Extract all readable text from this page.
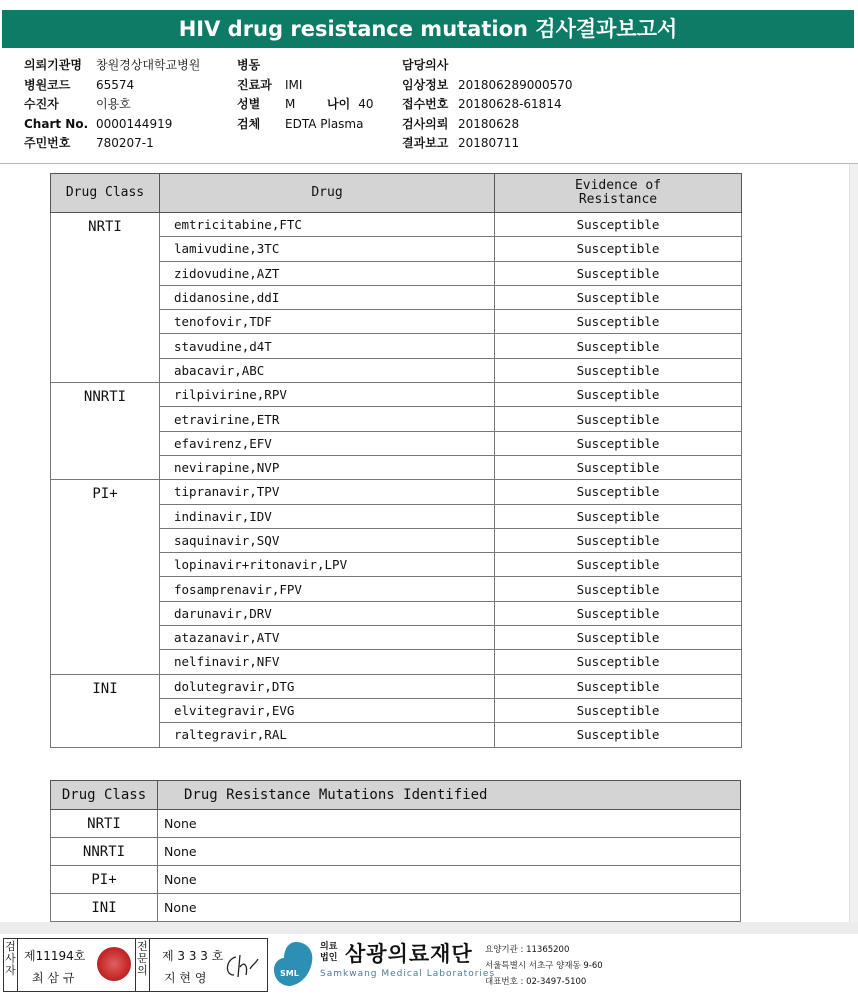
HIV drug resistance mutation 검사결과보고서
의뢰기관명 창원경상대학교병원
병원코드 65574
수진자	이용호
Chart No. 0000144919
주민번호 780207-1
병동
진료과 IMI
성별 M
검체 EDTA Plasma
담당의사
임상정보 201806289000570
접수번호 20180628-61814
검사의뢰 20180628
결과보고 20180711
나이 40
Drug Class	Drug	Evidence of
Resistance
NRTI	emtricitabine,FTC	Susceptible
	lamivudine,3TC	Susceptible
	zidovudine,AZT	Susceptible
	didanosine,ddI	Susceptible
	tenofovir,TDF	Susceptible
	stavudine,d4T	Susceptible
	abacavir,ABC	Susceptible
NNRTI	rilpivirine,RPV	Susceptible
	etravirine,ETR	Susceptible
	efavirenz,EFV	Susceptible
	nevirapine,NVP	Susceptible
PI+	tipranavir,TPV	Susceptible
	indinavir,IDV	Susceptible
	saquinavir,SQV	Susceptible
	lopinavir+ritonavir,LPV	Susceptible
	fosamprenavir,FPV	Susceptible
	darunavir,DRV	Susceptible
	atazanavir,ATV	Susceptible
	nelfinavir,NFV	Susceptible
INI	dolutegravir,DTG	Susceptible
	elvitegravir,EVG	Susceptible
	raltegravir,RAL	Susceptible
Drug Class	Drug Resistance Mutations Identified
NRTI	None
NNRTI	None
PI+	None
INI	None
검사자
제11194호
최 삼 규
전문의
제 3 3 3 호
지 현 영	SML
의료
법인 삼광의료재단
Samkwang Medical Laboratories
요양기관 : 11365200
서울특별시 서초구 양재동 9-60
대표번호 : 02-3497-5100
